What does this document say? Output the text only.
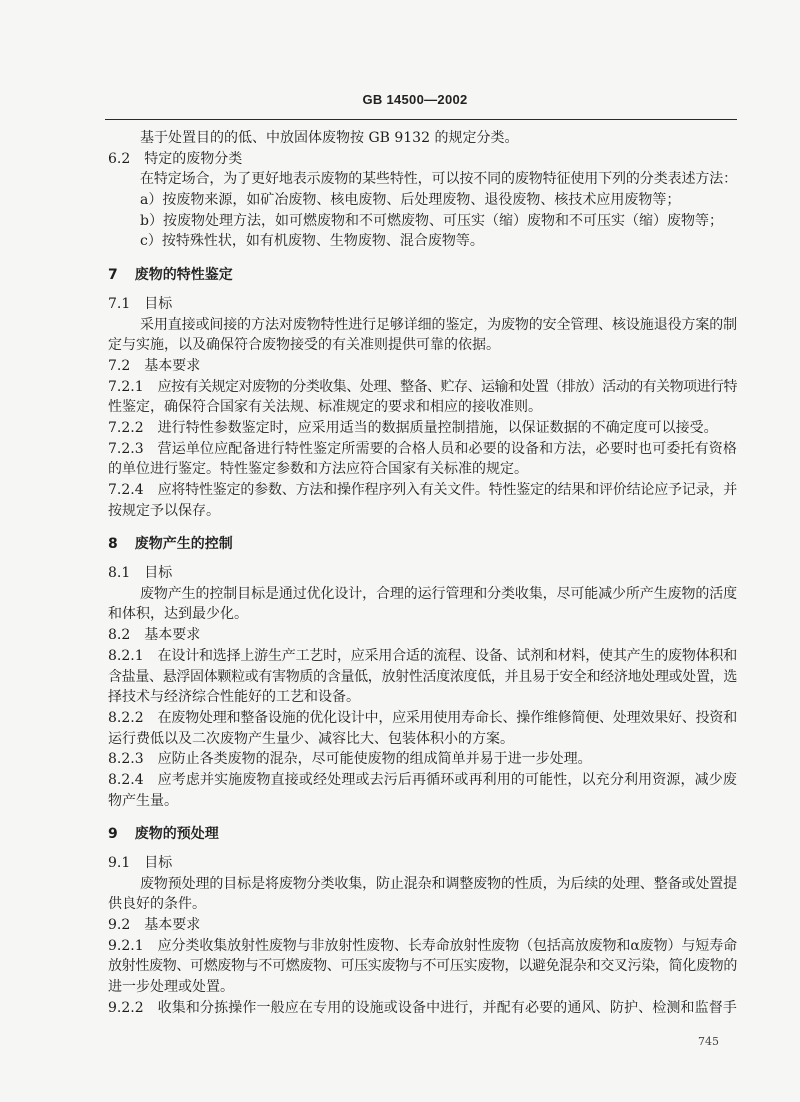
GB 14500—2002
基于处置目的的低、中放固体废物按 GB 9132 的规定分类。
6.2 特定的废物分类
在特定场合，为了更好地表示废物的某些特性，可以按不同的废物特征使用下列的分类表述方法：
a）按废物来源，如矿冶废物、核电废物、后处理废物、退役废物、核技术应用废物等；
b）按废物处理方法，如可燃废物和不可燃废物、可压实（缩）废物和不可压实（缩）废物等；
c）按特殊性状，如有机废物、生物废物、混合废物等。
7 废物的特性鉴定
7.1 目标
采用直接或间接的方法对废物特性进行足够详细的鉴定，为废物的安全管理、核设施退役方案的制
定与实施，以及确保符合废物接受的有关准则提供可靠的依据。
7.2 基本要求
7.2.1 应按有关规定对废物的分类收集、处理、整备、贮存、运输和处置（排放）活动的有关物项进行特
性鉴定，确保符合国家有关法规、标准规定的要求和相应的接收准则。
7.2.2 进行特性参数鉴定时，应采用适当的数据质量控制措施，以保证数据的不确定度可以接受。
7.2.3 营运单位应配备进行特性鉴定所需要的合格人员和必要的设备和方法，必要时也可委托有资格
的单位进行鉴定。特性鉴定参数和方法应符合国家有关标准的规定。
7.2.4 应将特性鉴定的参数、方法和操作程序列入有关文件。特性鉴定的结果和评价结论应予记录，并
按规定予以保存。
8 废物产生的控制
8.1 目标
废物产生的控制目标是通过优化设计，合理的运行管理和分类收集，尽可能减少所产生废物的活度
和体积，达到最少化。
8.2 基本要求
8.2.1 在设计和选择上游生产工艺时，应采用合适的流程、设备、试剂和材料，使其产生的废物体积和
含盐量、悬浮固体颗粒或有害物质的含量低，放射性活度浓度低，并且易于安全和经济地处理或处置，选
择技术与经济综合性能好的工艺和设备。
8.2.2 在废物处理和整备设施的优化设计中，应采用使用寿命长、操作维修简便、处理效果好、投资和
运行费低以及二次废物产生量少、减容比大、包装体积小的方案。
8.2.3 应防止各类废物的混杂，尽可能使废物的组成简单并易于进一步处理。
8.2.4 应考虑并实施废物直接或经处理或去污后再循环或再利用的可能性，以充分利用资源，减少废
物产生量。
9 废物的预处理
9.1 目标
废物预处理的目标是将废物分类收集，防止混杂和调整废物的性质，为后续的处理、整备或处置提
供良好的条件。
9.2 基本要求
9.2.1 应分类收集放射性废物与非放射性废物、长寿命放射性废物（包括高放废物和α废物）与短寿命
放射性废物、可燃废物与不可燃废物、可压实废物与不可压实废物，以避免混杂和交叉污染，简化废物的
进一步处理或处置。
9.2.2 收集和分拣操作一般应在专用的设施或设备中进行，并配有必要的通风、防护、检测和监督手
745
